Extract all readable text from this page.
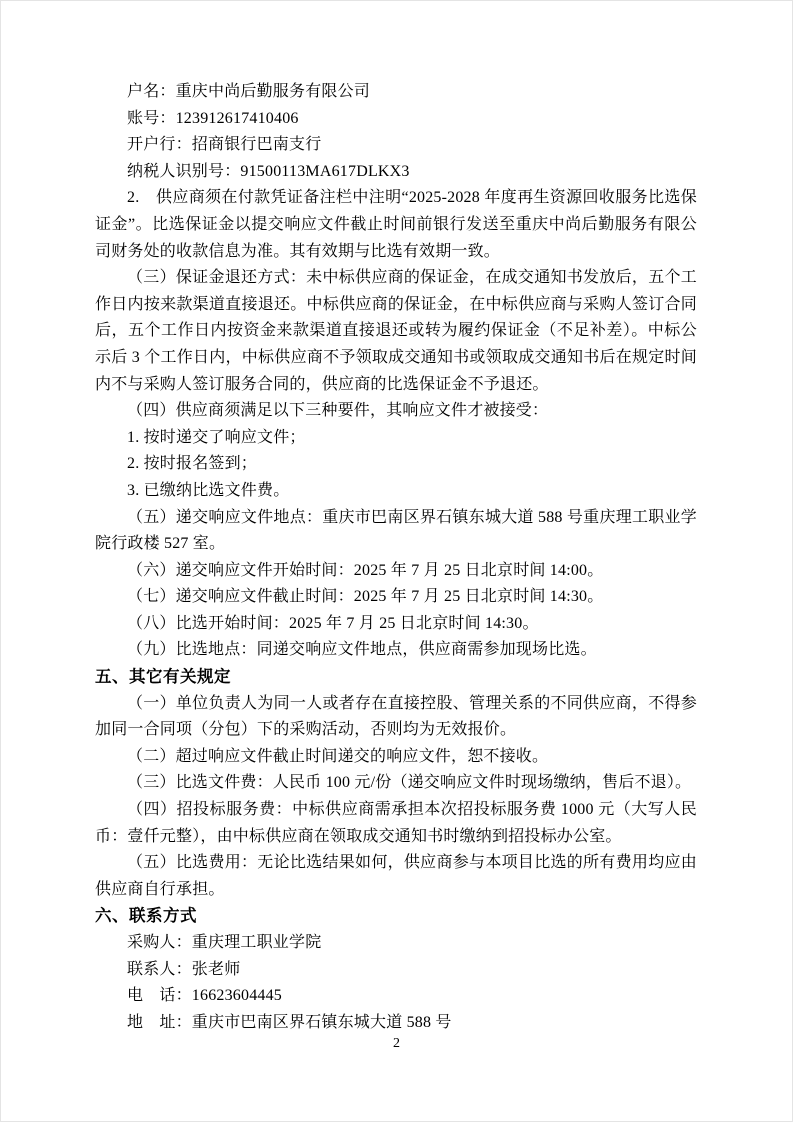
户名：重庆中尚后勤服务有限公司

账号：123912617410406

开户行：招商银行巴南支行

纳税人识别号：91500113MA617DLKX3

2.　供应商须在付款凭证备注栏中注明“2025-2028 年度再生资源回收服务比选保证金”。比选保证金以提交响应文件截止时间前银行发送至重庆中尚后勤服务有限公司财务处的收款信息为准。其有效期与比选有效期一致。

（三）保证金退还方式：未中标供应商的保证金，在成交通知书发放后，五个工作日内按来款渠道直接退还。中标供应商的保证金，在中标供应商与采购人签订合同后，五个工作日内按资金来款渠道直接退还或转为履约保证金（不足补差）。中标公示后 3 个工作日内，中标供应商不予领取成交通知书或领取成交通知书后在规定时间内不与采购人签订服务合同的，供应商的比选保证金不予退还。

（四）供应商须满足以下三种要件，其响应文件才被接受：

1. 按时递交了响应文件；

2. 按时报名签到；

3. 已缴纳比选文件费。

（五）递交响应文件地点：重庆市巴南区界石镇东城大道 588 号重庆理工职业学院行政楼 527 室。

（六）递交响应文件开始时间：2025 年 7 月 25 日北京时间 14:00。

（七）递交响应文件截止时间：2025 年 7 月 25 日北京时间 14:30。

（八）比选开始时间：2025 年 7 月 25 日北京时间 14:30。

（九）比选地点：同递交响应文件地点，供应商需参加现场比选。

五、其它有关规定

（一）单位负责人为同一人或者存在直接控股、管理关系的不同供应商，不得参加同一合同项（分包）下的采购活动，否则均为无效报价。

（二）超过响应文件截止时间递交的响应文件，恕不接收。

（三）比选文件费：人民币 100 元/份（递交响应文件时现场缴纳，售后不退）。

（四）招投标服务费：中标供应商需承担本次招投标服务费 1000 元（大写人民币：壹仟元整），由中标供应商在领取成交通知书时缴纳到招投标办公室。

（五）比选费用：无论比选结果如何，供应商参与本项目比选的所有费用均应由供应商自行承担。

六、联系方式

采购人：重庆理工职业学院

联系人：张老师

电　话：16623604445

地　址：重庆市巴南区界石镇东城大道 588 号

2
